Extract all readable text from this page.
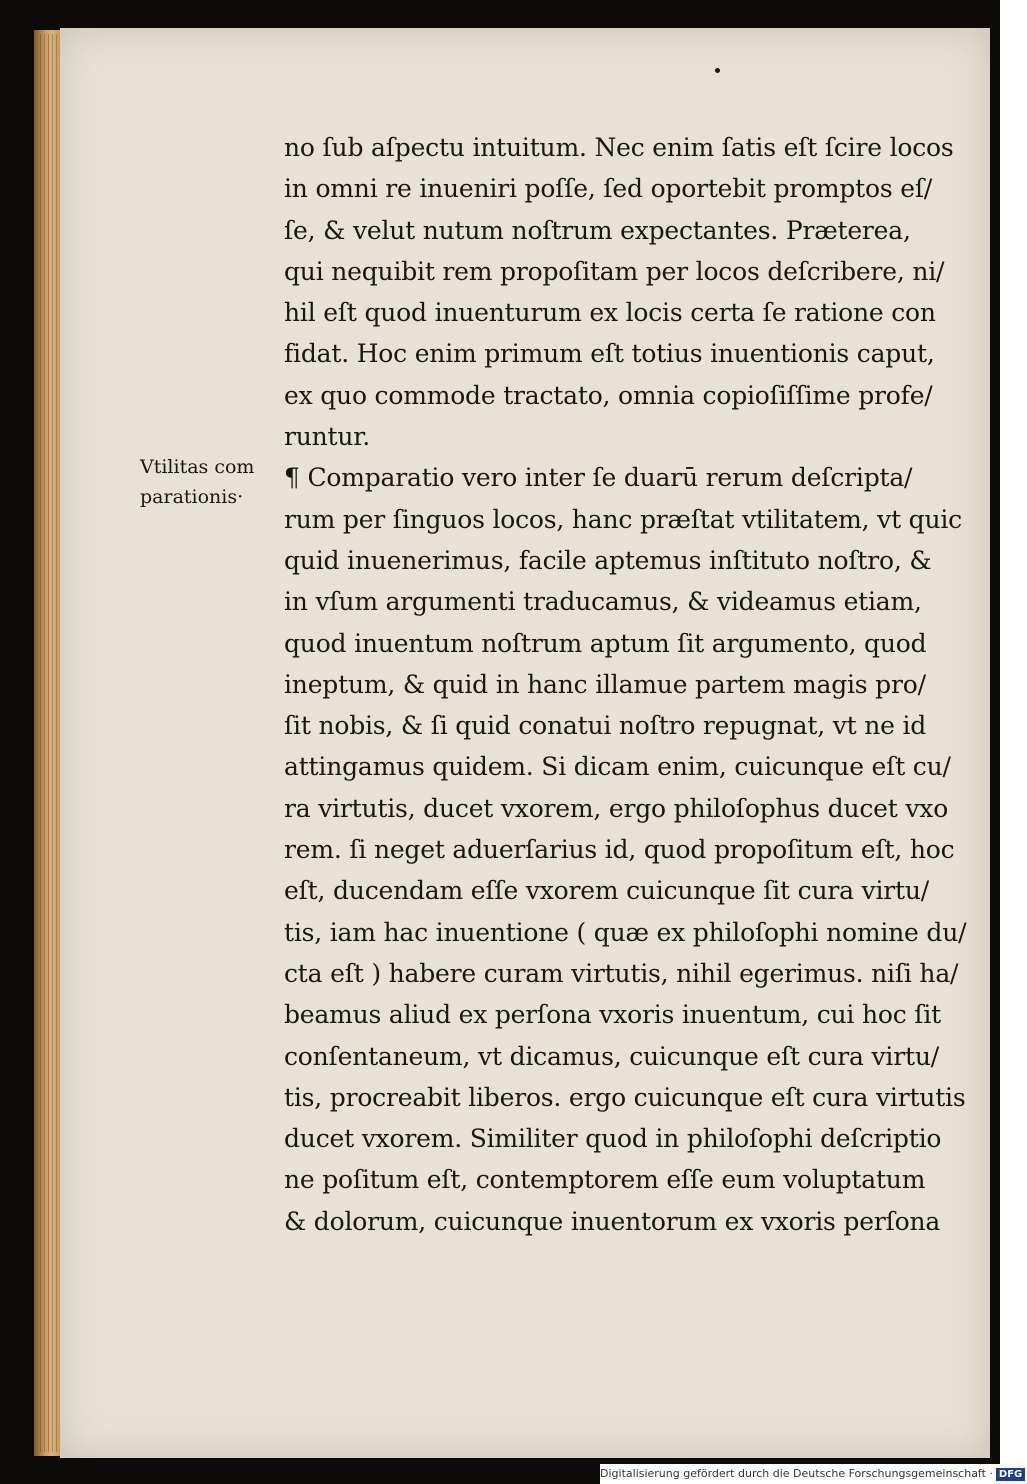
Vtilitas com
parationis·
no ſub aſpectu intuitum. Nec enim ſatis eſt ſcire locos
in omni re inueniri poſſe, ſed oportebit promptos eſ/
ſe, & velut nutum noſtrum expectantes. Præterea,
qui nequibit rem propoſitam per locos deſcribere, ni/
hil eſt quod inuenturum ex locis certa ſe ratione con
fidat. Hoc enim primum eſt totius inuentionis caput,
ex quo commode tractato, omnia copioſiſſime profe/
runtur.
¶ Comparatio vero inter ſe duarū rerum deſcripta/
rum per ſinguos locos, hanc præſtat vtilitatem, vt quic
quid inuenerimus, facile aptemus inſtituto noſtro, &
in vſum argumenti traducamus, & videamus etiam,
quod inuentum noſtrum aptum ſit argumento, quod
ineptum, & quid in hanc illamue partem magis pro/
ſit nobis, & ſi quid conatui noſtro repugnat, vt ne id
attingamus quidem. Si dicam enim, cuicunque eſt cu/
ra virtutis, ducet vxorem, ergo philoſophus ducet vxo
rem. ſi neget aduerſarius id, quod propoſitum eſt, hoc
eſt, ducendam eſſe vxorem cuicunque ſit cura virtu/
tis, iam hac inuentione ( quæ ex philoſophi nomine du/
cta eſt ) habere curam virtutis, nihil egerimus. niſi ha/
beamus aliud ex perſona vxoris inuentum, cui hoc ſit
conſentaneum, vt dicamus, cuicunque eſt cura virtu/
tis, procreabit liberos. ergo cuicunque eſt cura virtutis
ducet vxorem. Similiter quod in philoſophi deſcriptio
ne poſitum eſt, contemptorem eſſe eum voluptatum
& dolorum, cuicunque inuentorum ex vxoris perſona
Digitalisierung gefördert durch die Deutsche Forschungsgemeinschaft · DFG
